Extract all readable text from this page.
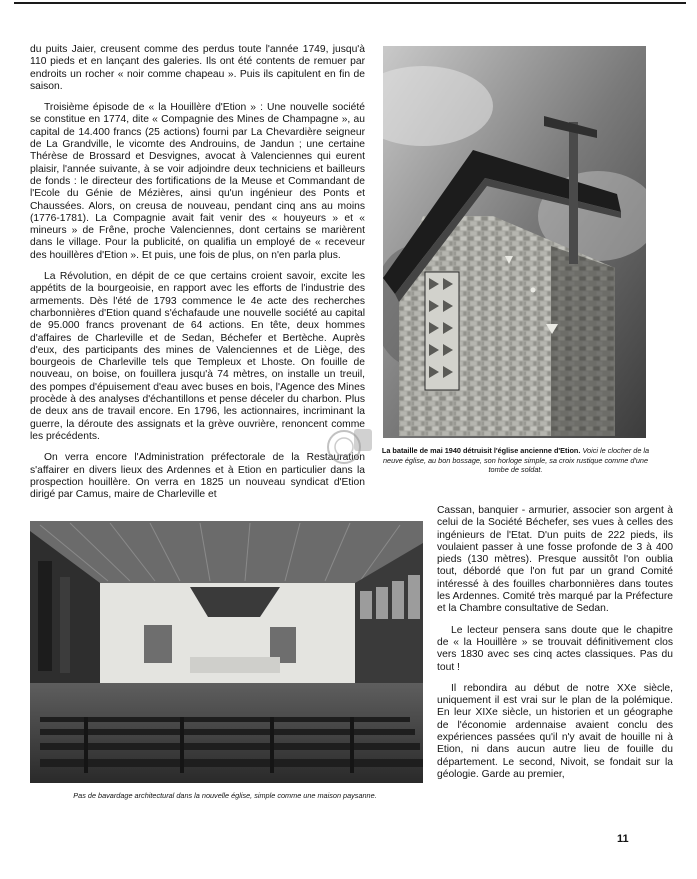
du puits Jaier, creusent comme des perdus toute l'année 1749, jusqu'à 110 pieds et en lançant des galeries. Ils ont été contents de remuer par endroits un rocher « noir comme chapeau ». Puis ils capitulent en fin de saison.

Troisième épisode de « la Houillère d'Etion » : Une nouvelle société se constitue en 1774, dite « Compagnie des Mines de Champagne », au capital de 14.400 francs (25 actions) fourni par La Chevardière seigneur de La Grandville, le vicomte des Androuins, de Jandun ; une certaine Thérèse de Brossard et Desvignes, avocat à Valenciennes qui eurent plaisir, l'année suivante, à se voir adjoindre deux techniciens et bailleurs de fonds : le directeur des fortifications de la Meuse et Commandant de l'Ecole du Génie de Mézières, ainsi qu'un ingénieur des Ponts et Chaussées. Alors, on creusa de nouveau, pendant cinq ans au moins (1776-1781). La Compagnie avait fait venir des « houyeurs » et « mineurs » de Frêne, proche Valenciennes, dont certains se marièrent dans le village. Pour la publicité, on qualifia un employé de « receveur des houillères d'Etion ». Et puis, une fois de plus, on n'en parla plus.

La Révolution, en dépit de ce que certains croient savoir, excite les appétits de la bourgeoisie, en rapport avec les efforts de l'industrie des armements. Dès l'été de 1793 commence le 4e acte des recherches charbonnières d'Etion quand s'échafaude une nouvelle société au capital de 95.000 francs provenant de 64 actions. En tête, deux hommes d'affaires de Charleville et de Sedan, Béchefer et Bertèche. Auprès d'eux, des participants des mines de Valenciennes et de Liège, des bourgeois de Charleville tels que Templeux et Lhoste. On fouille de nouveau, on boise, on fouillera jusqu'à 74 mètres, on installe un treuil, des pompes d'épuisement d'eau avec buses en bois, l'Agence des Mines procède à des analyses d'échantillons et pense déceler du charbon. Plus de deux ans de travail encore. En 1796, les actionnaires, incriminant la guerre, la déroute des assignats et la grève ouvrière, renoncent comme les précédents.

On verra encore l'Administration préfectorale de la Restauration s'affairer en divers lieux des Ardennes et à Etion en particulier dans la prospection houillère. On verra en 1825 un nouveau syndicat d'Etion dirigé par Camus, maire de Charleville et

La bataille de mai 1940 détruisit l'église ancienne d'Etion. Voici le clocher de la neuve église, au bon bossage, son horloge simple, sa croix rustique comme d'une tombe de soldat.
Pas de bavardage architectural dans la nouvelle église, simple comme une maison paysanne.

Cassan, banquier - armurier, associer son argent à celui de la Société Béchefer, ses vues à celles des ingénieurs de l'Etat. D'un puits de 222 pieds, ils voulaient passer à une fosse profonde de 3 à 400 pieds (130 mètres). Presque aussitôt l'on oublia tout, débordé que l'on fut par un grand Comité intéressé à des fouilles charbonnières dans toutes les Ardennes. Comité très marqué par la Préfecture et la Chambre consultative de Sedan.

Le lecteur pensera sans doute que le chapitre de « la Houillère » se trouvait définitivement clos vers 1830 avec ses cinq actes classiques. Pas du tout !

Il rebondira au début de notre XXe siècle, uniquement il est vrai sur le plan de la polémique. En leur XIXe siècle, un historien et un géographe de l'économie ardennaise avaient conclu des expériences passées qu'il n'y avait de houille ni à Etion, ni dans aucun autre lieu de fouille du département. Le second, Nivoit, se fondait sur la géologie. Garde au premier,

11
